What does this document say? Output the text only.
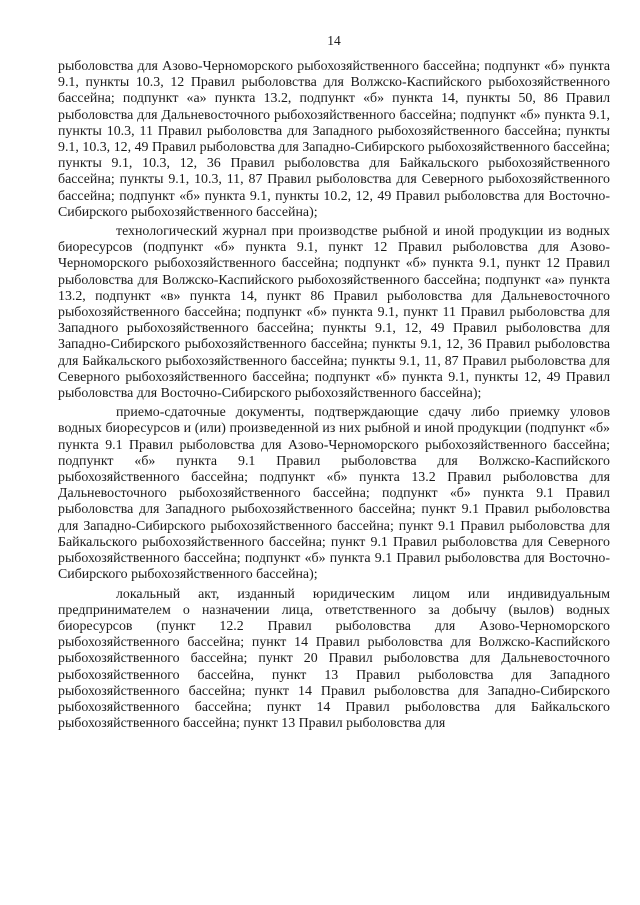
14

рыболовства для Азово-Черноморского рыбохозяйственного бассейна; подпункт «б» пункта 9.1, пункты 10.3, 12 Правил рыболовства для Волжско-Каспийского рыбохозяйственного бассейна; подпункт «а» пункта 13.2, подпункт «б» пункта 14, пункты 50, 86 Правил рыболовства для Дальневосточного рыбохозяйственного бассейна; подпункт «б» пункта 9.1, пункты 10.3, 11 Правил рыболовства для Западного рыбохозяйственного бассейна; пункты 9.1, 10.3, 12, 49 Правил рыболовства для Западно-Сибирского рыбохозяйственного бассейна; пункты 9.1, 10.3, 12, 36 Правил рыболовства для Байкальского рыбохозяйственного бассейна; пункты 9.1, 10.3, 11, 87 Правил рыболовства для Северного рыбохозяйственного бассейна; подпункт «б» пункта 9.1, пункты 10.2, 12, 49 Правил рыболовства для Восточно-Сибирского рыбохозяйственного бассейна);

технологический журнал при производстве рыбной и иной продукции из водных биоресурсов (подпункт «б» пункта 9.1, пункт 12 Правил рыболовства для Азово-Черноморского рыбохозяйственного бассейна; подпункт «б» пункта 9.1, пункт 12 Правил рыболовства для Волжско-Каспийского рыбохозяйственного бассейна; подпункт «а» пункта 13.2, подпункт «в» пункта 14, пункт 86 Правил рыболовства для Дальневосточного рыбохозяйственного бассейна; подпункт «б» пункта 9.1, пункт 11 Правил рыболовства для Западного рыбохозяйственного бассейна; пункты 9.1, 12, 49 Правил рыболовства для Западно-Сибирского рыбохозяйственного бассейна; пункты 9.1, 12, 36 Правил рыболовства для Байкальского рыбохозяйственного бассейна; пункты 9.1, 11, 87 Правил рыболовства для Северного рыбохозяйственного бассейна; подпункт «б» пункта 9.1, пункты 12, 49 Правил рыболовства для Восточно-Сибирского рыбохозяйственного бассейна);

приемо-сдаточные документы, подтверждающие сдачу либо приемку уловов водных биоресурсов и (или) произведенной из них рыбной и иной продукции (подпункт «б» пункта 9.1 Правил рыболовства для Азово-Черноморского рыбохозяйственного бассейна; подпункт «б» пункта 9.1 Правил рыболовства для Волжско-Каспийского рыбохозяйственного бассейна; подпункт «б» пункта 13.2 Правил рыболовства для Дальневосточного рыбохозяйственного бассейна; подпункт «б» пункта 9.1 Правил рыболовства для Западного рыбохозяйственного бассейна; пункт 9.1 Правил рыболовства для Западно-Сибирского рыбохозяйственного бассейна; пункт 9.1 Правил рыболовства для Байкальского рыбохозяйственного бассейна; пункт 9.1 Правил рыболовства для Северного рыбохозяйственного бассейна; подпункт «б» пункта 9.1 Правил рыболовства для Восточно-Сибирского рыбохозяйственного бассейна);

локальный акт, изданный юридическим лицом или индивидуальным предпринимателем о назначении лица, ответственного за добычу (вылов) водных биоресурсов (пункт 12.2 Правил рыболовства для Азово-Черноморского рыбохозяйственного бассейна; пункт 14 Правил рыболовства для Волжско-Каспийского рыбохозяйственного бассейна; пункт 20 Правил рыболовства для Дальневосточного рыбохозяйственного бассейна, пункт 13 Правил рыболовства для Западного рыбохозяйственного бассейна; пункт 14 Правил рыболовства для Западно-Сибирского рыбохозяйственного бассейна; пункт 14 Правил рыболовства для Байкальского рыбохозяйственного бассейна; пункт 13 Правил рыболовства для
